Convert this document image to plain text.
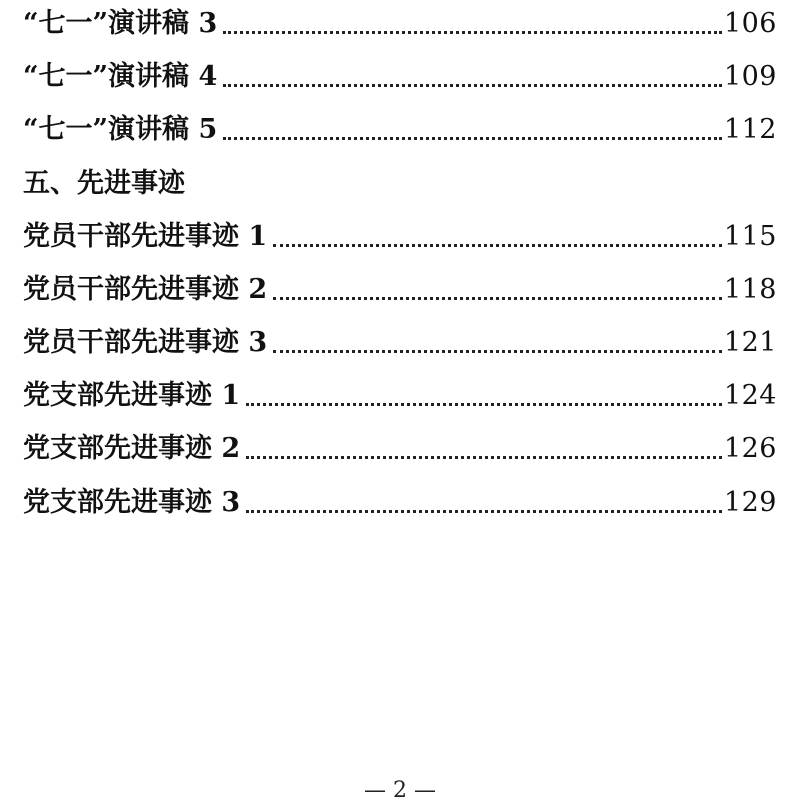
“七一”演讲稿 3	106
“七一”演讲稿 4	109
“七一”演讲稿 5	112
五、先进事迹
党员干部先进事迹 1	115
党员干部先进事迹 2	118
党员干部先进事迹 3	121
党支部先进事迹 1	124
党支部先进事迹 2	126
党支部先进事迹 3	129
— 2 —
